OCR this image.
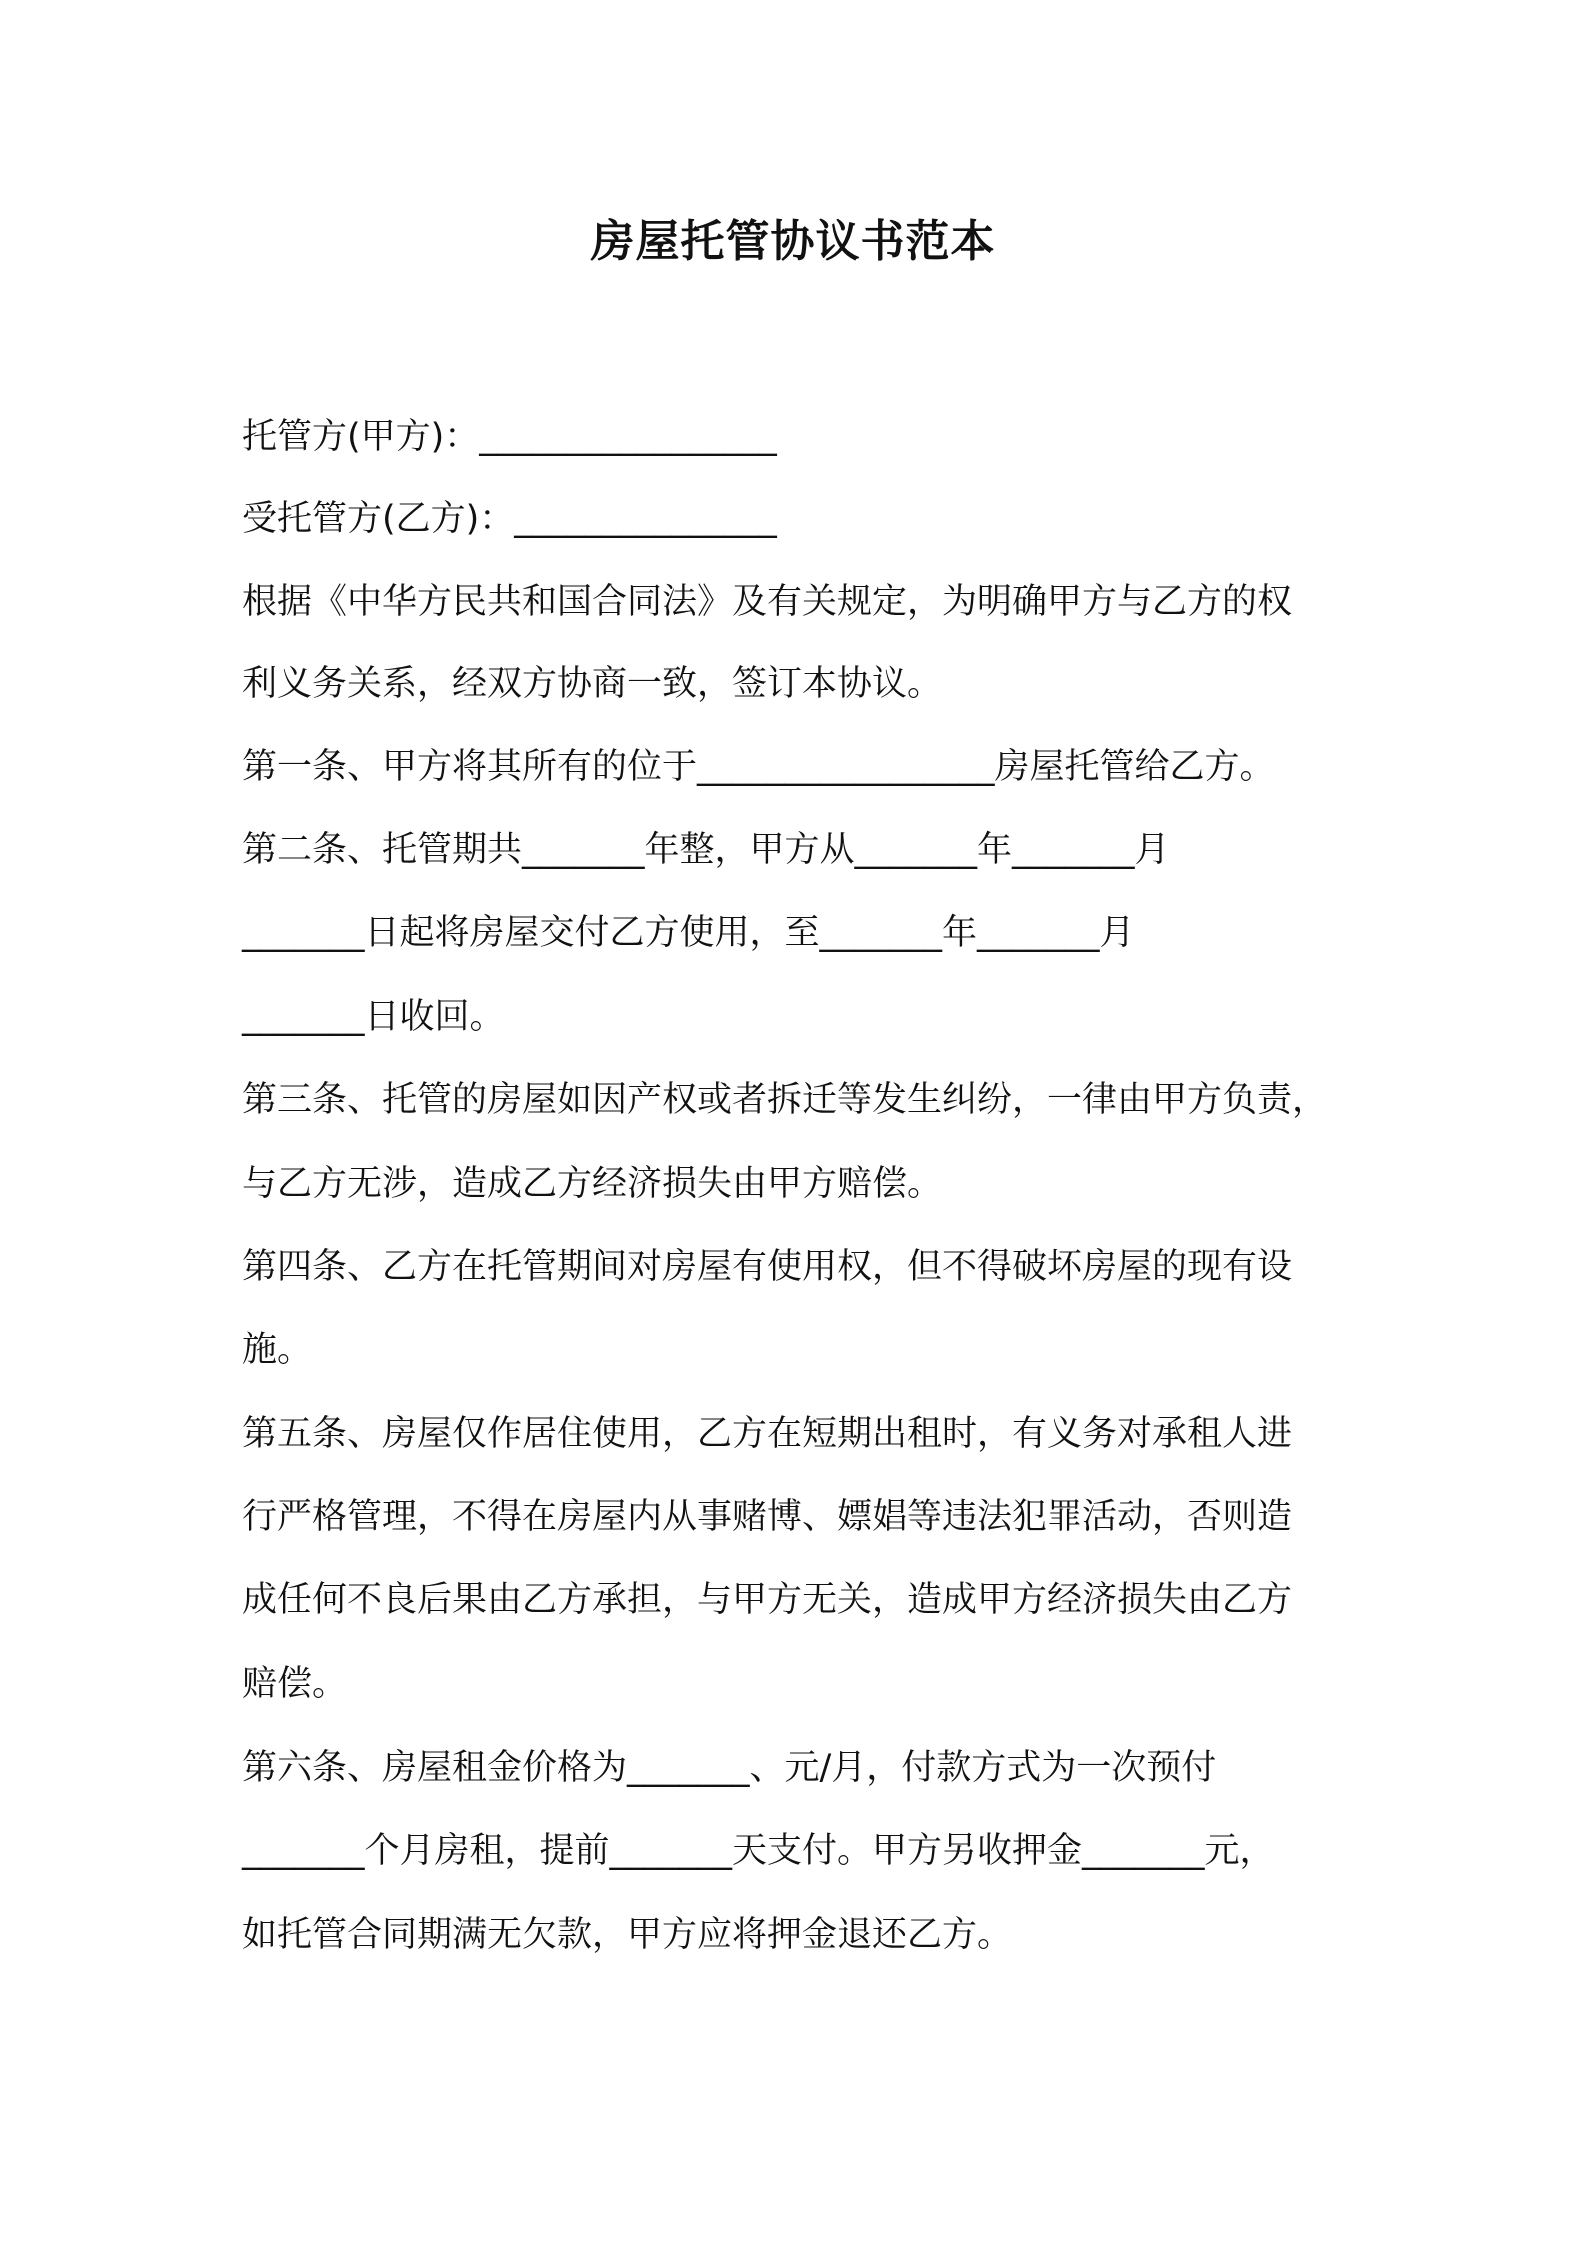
房屋托管协议书范本
托管方(甲方)：_________________
受托管方(乙方)：_______________
根据《中华方民共和国合同法》及有关规定，为明确甲方与乙方的权
利义务关系，经双方协商一致，签订本协议。
第一条、甲方将其所有的位于_________________房屋托管给乙方。
第二条、托管期共_______年整，甲方从_______年_______月
_______日起将房屋交付乙方使用，至_______年_______月
_______日收回。
第三条、托管的房屋如因产权或者拆迁等发生纠纷，一律由甲方负责，
与乙方无涉，造成乙方经济损失由甲方赔偿。
第四条、乙方在托管期间对房屋有使用权，但不得破坏房屋的现有设
施。
第五条、房屋仅作居住使用，乙方在短期出租时，有义务对承租人进
行严格管理，不得在房屋内从事赌博、嫖娼等违法犯罪活动，否则造
成任何不良后果由乙方承担，与甲方无关，造成甲方经济损失由乙方
赔偿。
第六条、房屋租金价格为_______、元/月，付款方式为一次预付
_______个月房租，提前_______天支付。甲方另收押金_______元，
如托管合同期满无欠款，甲方应将押金退还乙方。
